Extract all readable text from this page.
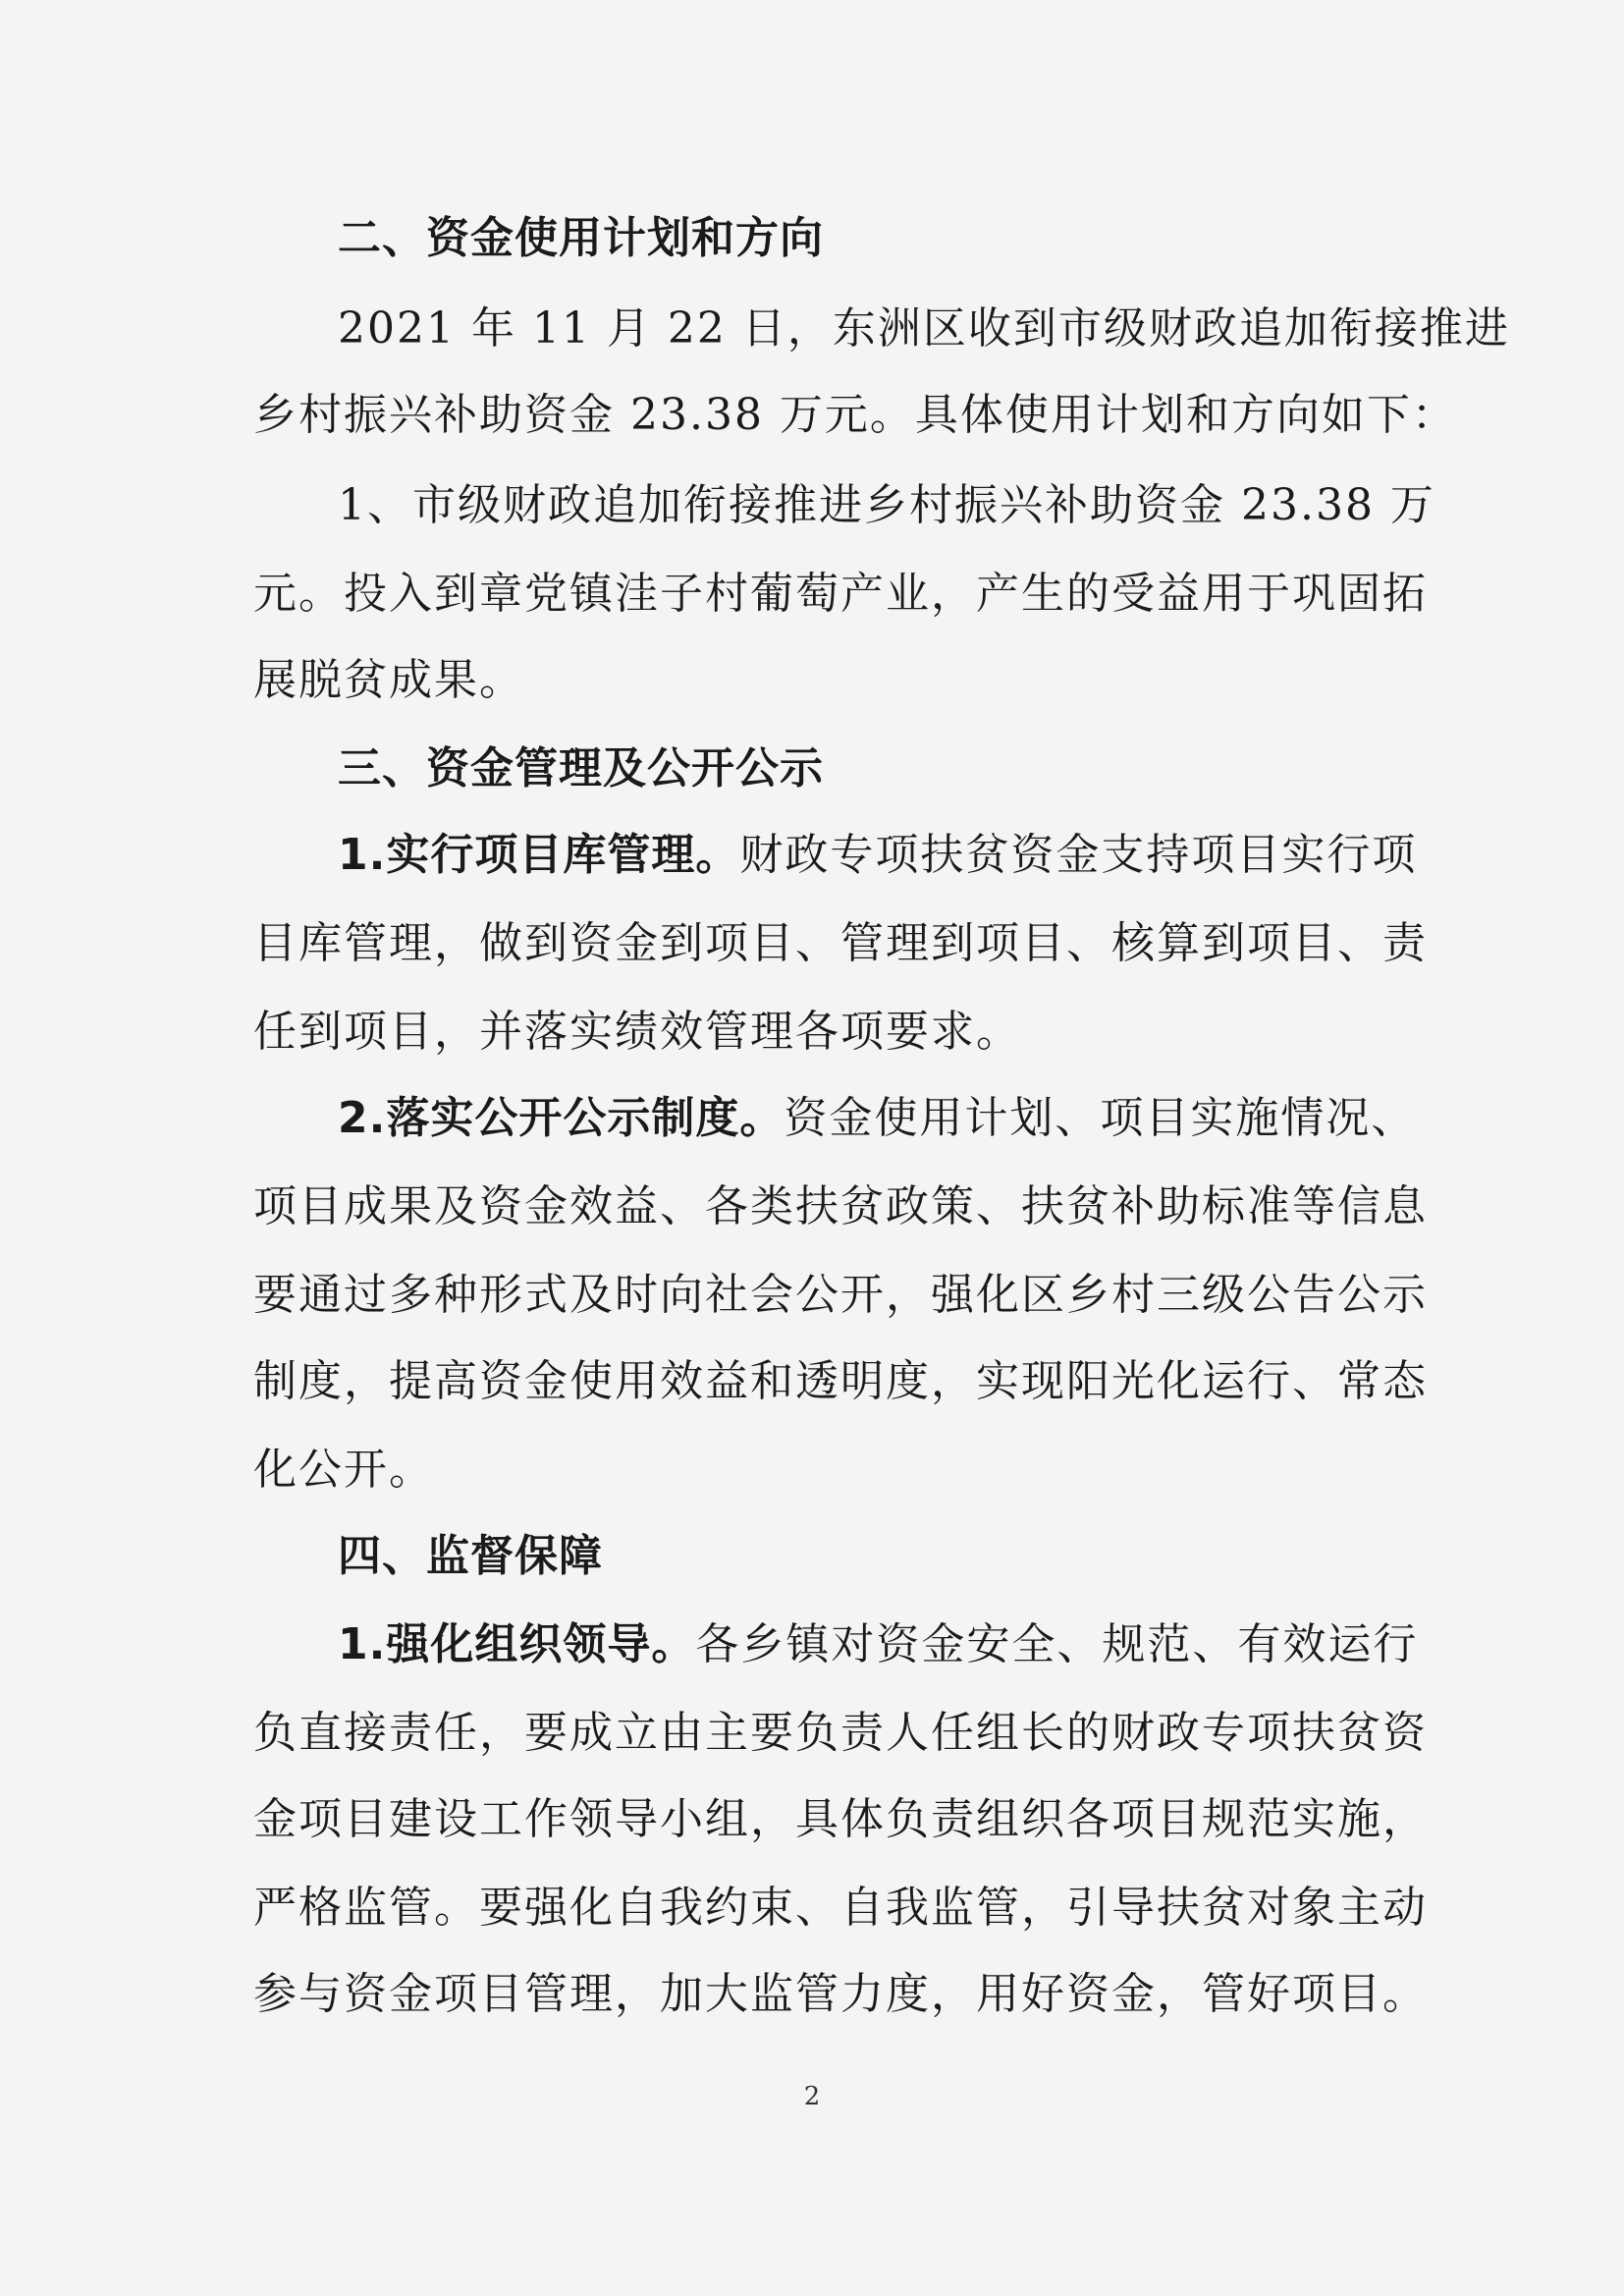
二、资金使用计划和方向
2021 年 11 月 22 日，东洲区收到市级财政追加衔接推进
乡村振兴补助资金 23.38 万元。具体使用计划和方向如下：
1、市级财政追加衔接推进乡村振兴补助资金 23.38 万
元。投入到章党镇洼子村葡萄产业，产生的受益用于巩固拓
展脱贫成果。
三、资金管理及公开公示
1.实行项目库管理。财政专项扶贫资金支持项目实行项
目库管理，做到资金到项目、管理到项目、核算到项目、责
任到项目，并落实绩效管理各项要求。
2.落实公开公示制度。资金使用计划、项目实施情况、
项目成果及资金效益、各类扶贫政策、扶贫补助标准等信息
要通过多种形式及时向社会公开，强化区乡村三级公告公示
制度，提高资金使用效益和透明度，实现阳光化运行、常态
化公开。
四、监督保障
1.强化组织领导。各乡镇对资金安全、规范、有效运行
负直接责任，要成立由主要负责人任组长的财政专项扶贫资
金项目建设工作领导小组，具体负责组织各项目规范实施，
严格监管。要强化自我约束、自我监管，引导扶贫对象主动
参与资金项目管理，加大监管力度，用好资金，管好项目。
2
